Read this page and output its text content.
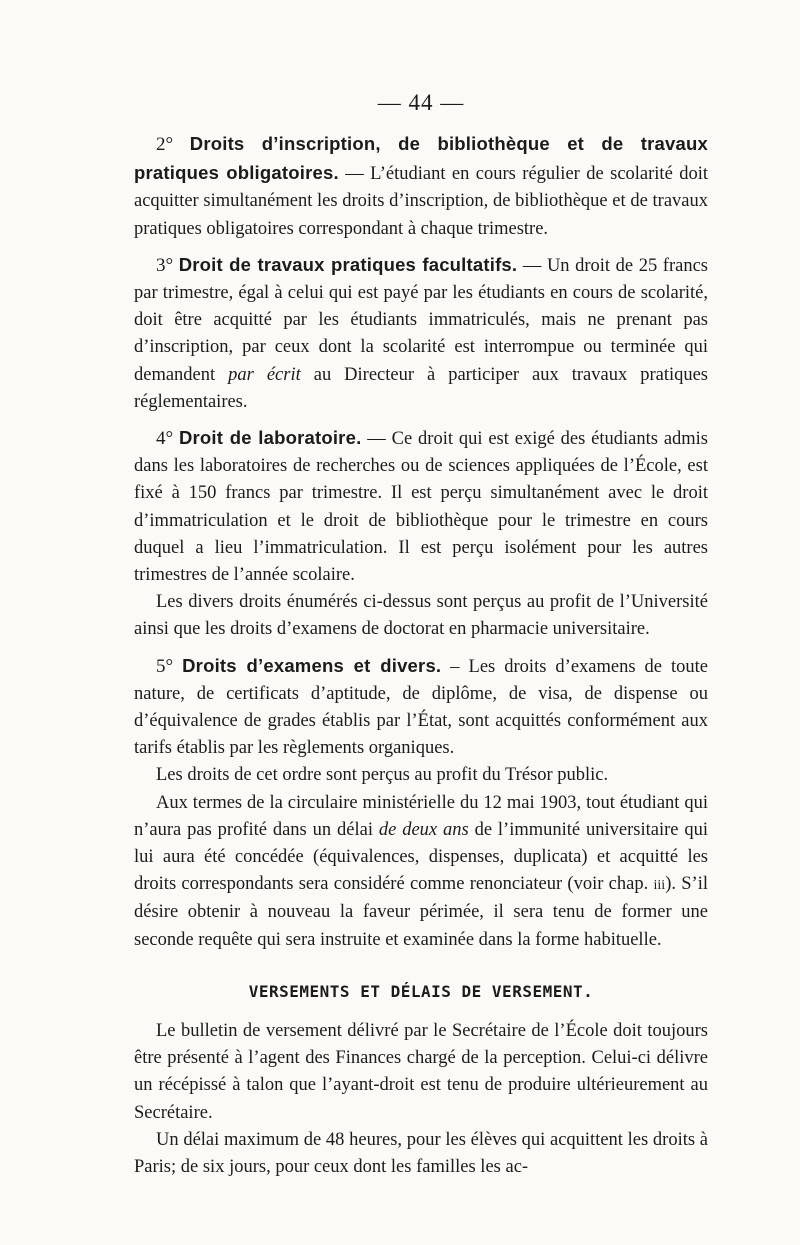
— 44 —

2° Droits d’inscription, de bibliothèque et de travaux pratiques obligatoires. — L’étudiant en cours régulier de scolarité doit acquitter simultanément les droits d’inscription, de bibliothèque et de travaux pratiques obligatoires correspondant à chaque trimestre.

3° Droit de travaux pratiques facultatifs. — Un droit de 25 francs par trimestre, égal à celui qui est payé par les étudiants en cours de scolarité, doit être acquitté par les étudiants immatriculés, mais ne prenant pas d’inscription, par ceux dont la scolarité est interrompue ou terminée qui demandent par écrit au Directeur à participer aux travaux pratiques réglementaires.

4° Droit de laboratoire. — Ce droit qui est exigé des étudiants admis dans les laboratoires de recherches ou de sciences appliquées de l’École, est fixé à 150 francs par trimestre. Il est perçu simultanément avec le droit d’immatriculation et le droit de bibliothèque pour le trimestre en cours duquel a lieu l’immatriculation. Il est perçu isolément pour les autres trimestres de l’année scolaire.

Les divers droits énumérés ci-dessus sont perçus au profit de l’Université ainsi que les droits d’examens de doctorat en pharmacie universitaire.

5° Droits d’examens et divers. – Les droits d’examens de toute nature, de certificats d’aptitude, de diplôme, de visa, de dispense ou d’équivalence de grades établis par l’État, sont acquittés conformément aux tarifs établis par les règlements organiques.

Les droits de cet ordre sont perçus au profit du Trésor public.

Aux termes de la circulaire ministérielle du 12 mai 1903, tout étudiant qui n’aura pas profité dans un délai de deux ans de l’immunité universitaire qui lui aura été concédée (équivalences, dispenses, duplicata) et acquitté les droits correspondants sera considéré comme renonciateur (voir chap. iii). S’il désire obtenir à nouveau la faveur périmée, il sera tenu de former une seconde requête qui sera instruite et examinée dans la forme habituelle.

VERSEMENTS ET DÉLAIS DE VERSEMENT.

Le bulletin de versement délivré par le Secrétaire de l’École doit toujours être présenté à l’agent des Finances chargé de la perception. Celui-ci délivre un récépissé à talon que l’ayant-droit est tenu de produire ultérieurement au Secrétaire.

Un délai maximum de 48 heures, pour les élèves qui acquittent les droits à Paris; de six jours, pour ceux dont les familles les ac-
